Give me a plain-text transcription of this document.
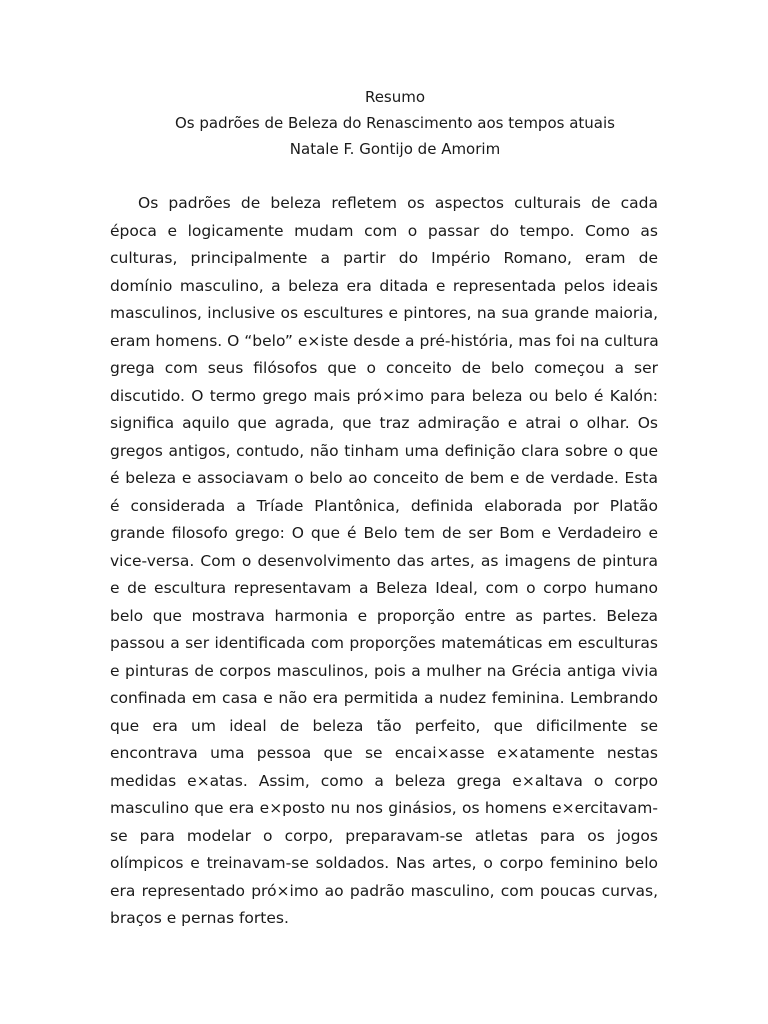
Resumo
Os padrões de Beleza do Renascimento aos tempos atuais
Natale F. Gontijo de Amorim
Os padrões de beleza refletem os aspectos culturais de cada
época e logicamente mudam com o passar do tempo. Como as
culturas, principalmente a partir do Império Romano, eram de
domínio masculino, a beleza era ditada e representada pelos ideais
masculinos, inclusive os escultures e pintores, na sua grande maioria,
eram homens. O “belo” e×iste desde a pré-história, mas foi na cultura
grega com seus filósofos que o conceito de belo começou a ser
discutido. O termo grego mais pró×imo para beleza ou belo é Kalón:
significa aquilo que agrada, que traz admiração e atrai o olhar. Os
gregos antigos, contudo, não tinham uma definição clara sobre o que
é beleza e associavam o belo ao conceito de bem e de verdade. Esta
é considerada a Tríade Plantônica, definida elaborada por Platão
grande filosofo grego: O que é Belo tem de ser Bom e Verdadeiro e
vice-versa. Com o desenvolvimento das artes, as imagens de pintura
e de escultura representavam a Beleza Ideal, com o corpo humano
belo que mostrava harmonia e proporção entre as partes. Beleza
passou a ser identificada com proporções matemáticas em esculturas
e pinturas de corpos masculinos, pois a mulher na Grécia antiga vivia
confinada em casa e não era permitida a nudez feminina. Lembrando
que era um ideal de beleza tão perfeito, que dificilmente se
encontrava uma pessoa que se encai×asse e×atamente nestas
medidas e×atas. Assim, como a beleza grega e×altava o corpo
masculino que era e×posto nu nos ginásios, os homens e×ercitavam-
se para modelar o corpo, preparavam-se atletas para os jogos
olímpicos e treinavam-se soldados. Nas artes, o corpo feminino belo
era representado pró×imo ao padrão masculino, com poucas curvas,
braços e pernas fortes.
